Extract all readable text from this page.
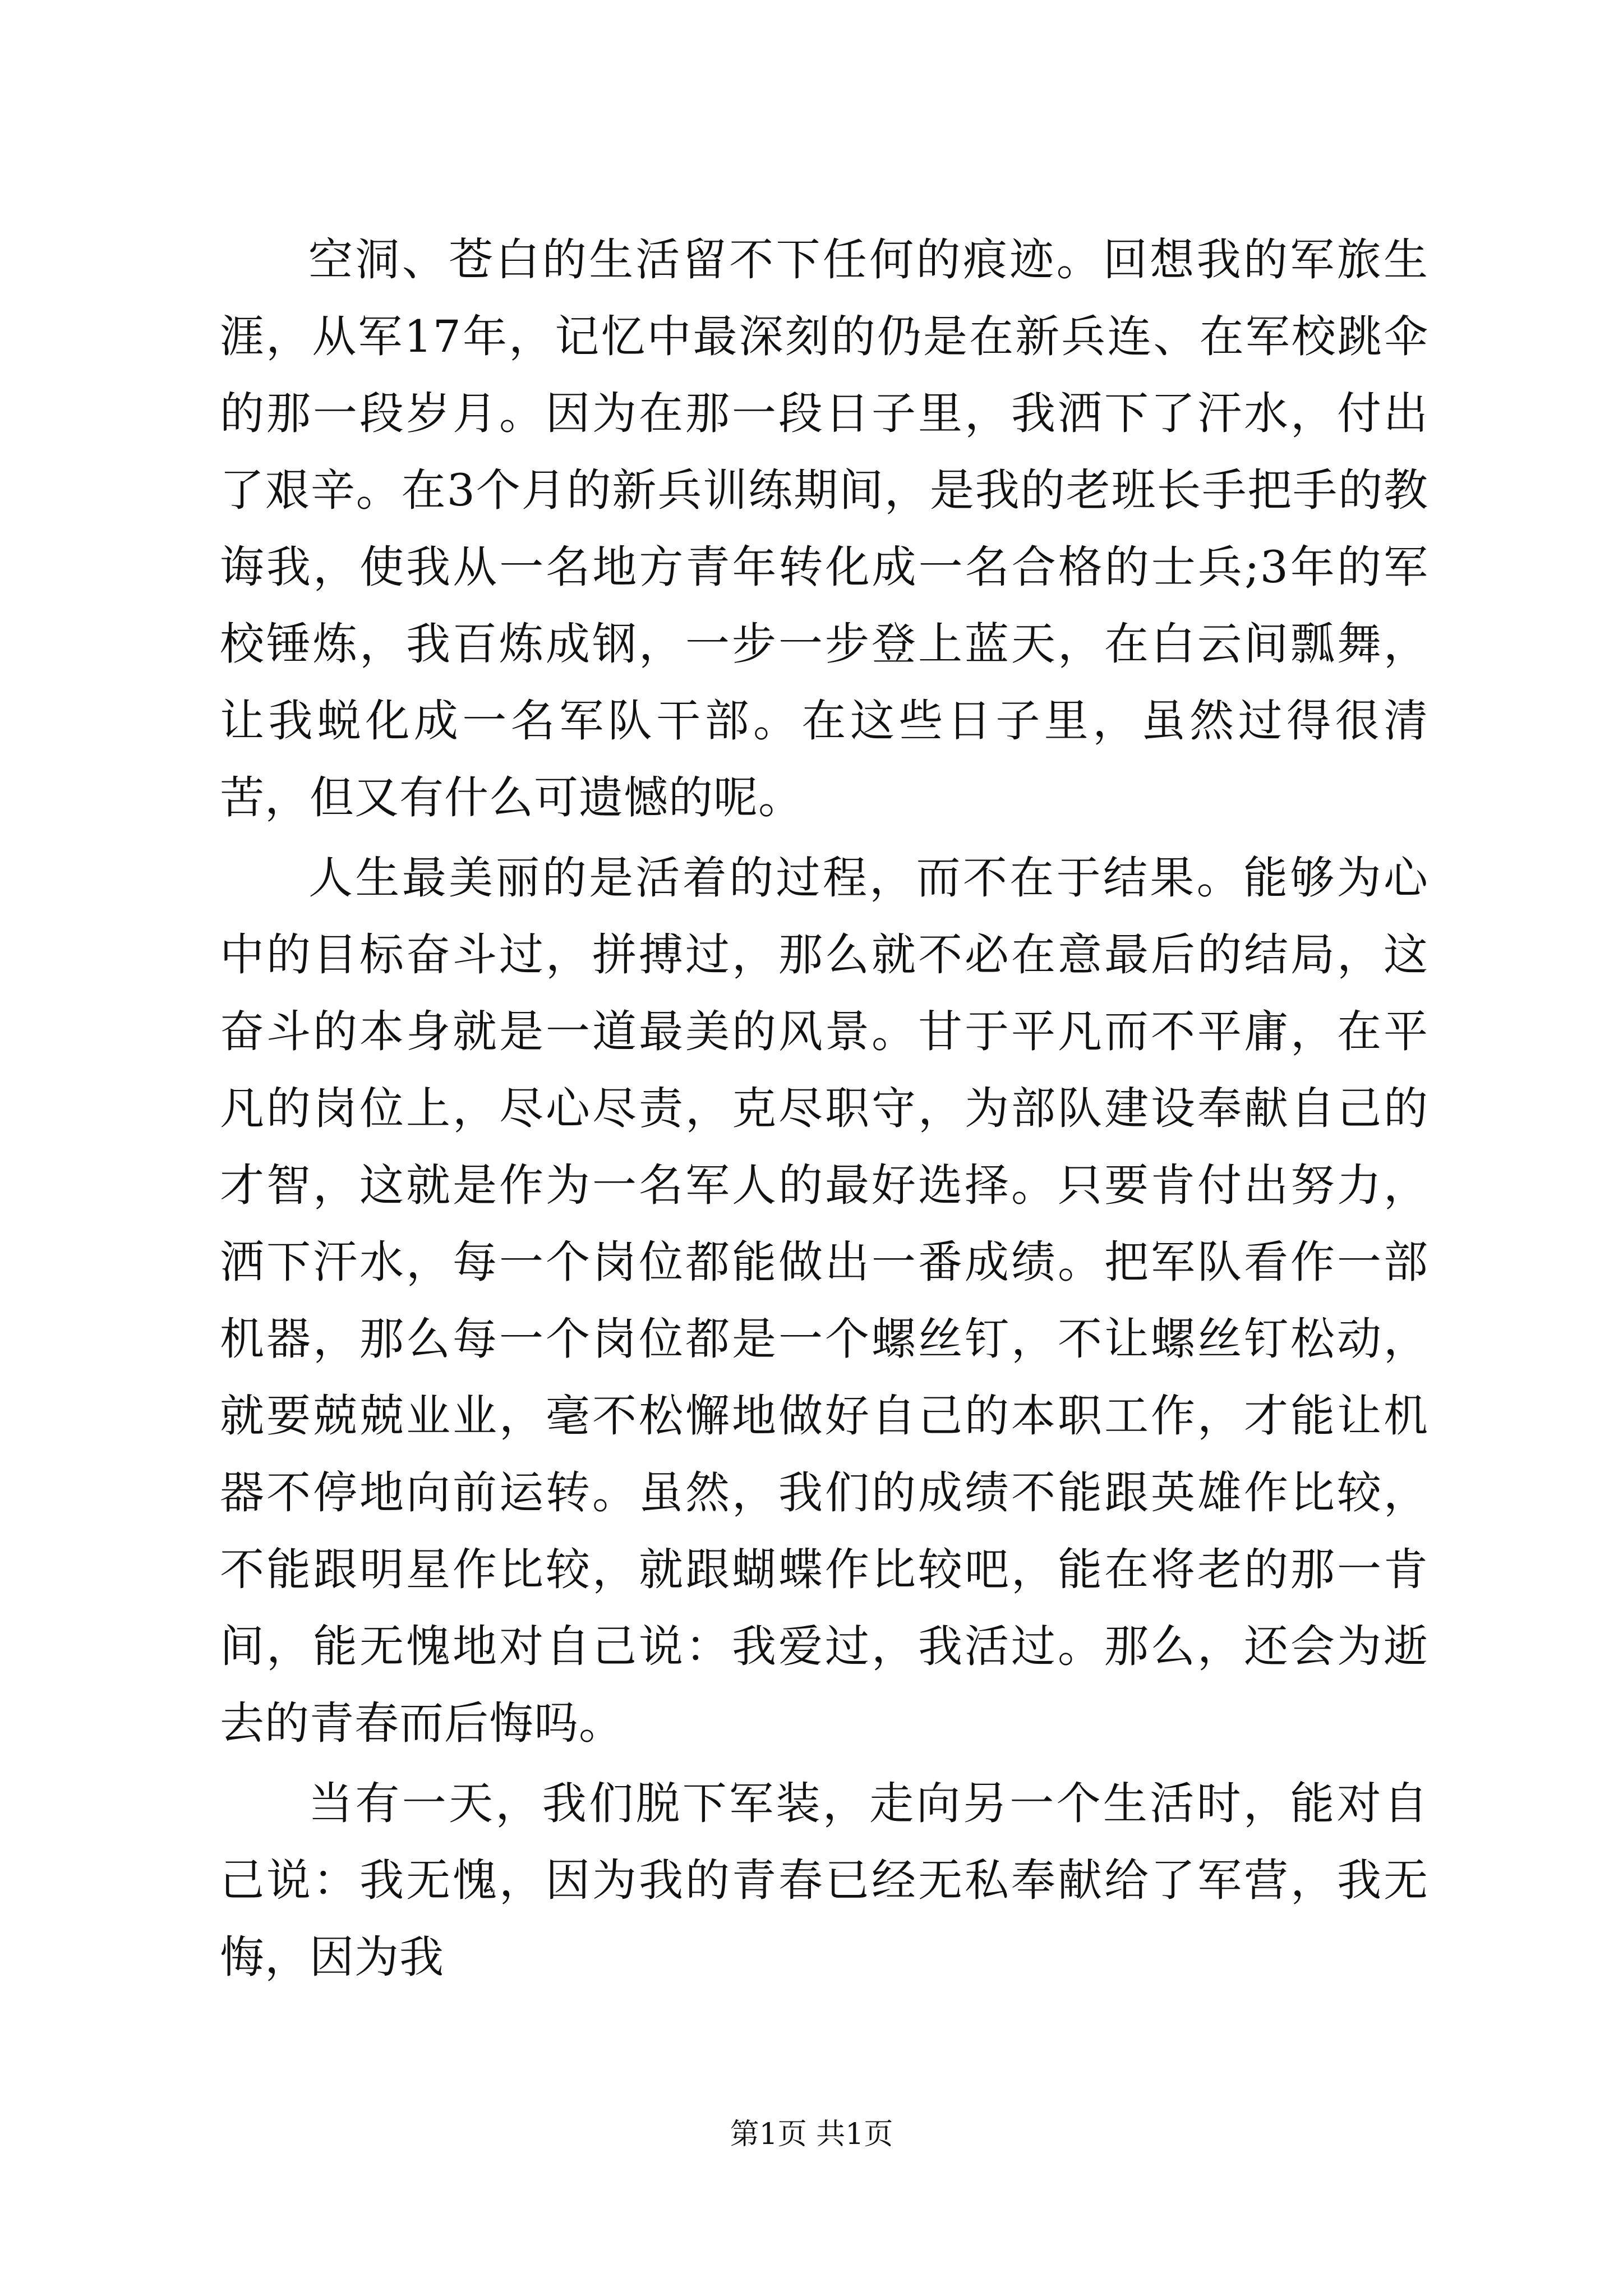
空洞、苍白的生活留不下任何的痕迹。回想我的军旅生涯，从军17年，记忆中最深刻的仍是在新兵连、在军校跳伞的那一段岁月。因为在那一段日子里，我洒下了汗水，付出了艰辛。在3个月的新兵训练期间，是我的老班长手把手的教诲我，使我从一名地方青年转化成一名合格的士兵;3年的军校锤炼，我百炼成钢，一步一步登上蓝天，在白云间瓢舞，让我蜕化成一名军队干部。在这些日子里，虽然过得很清苦，但又有什么可遗憾的呢。

人生最美丽的是活着的过程，而不在于结果。能够为心中的目标奋斗过，拼搏过，那么就不必在意最后的结局，这奋斗的本身就是一道最美的风景。甘于平凡而不平庸，在平凡的岗位上，尽心尽责，克尽职守，为部队建设奉献自己的才智，这就是作为一名军人的最好选择。只要肯付出努力，洒下汗水，每一个岗位都能做出一番成绩。把军队看作一部机器，那么每一个岗位都是一个螺丝钉，不让螺丝钉松动，就要兢兢业业，毫不松懈地做好自己的本职工作，才能让机器不停地向前运转。虽然，我们的成绩不能跟英雄作比较，不能跟明星作比较，就跟蝴蝶作比较吧，能在将老的那一肯间，能无愧地对自己说：我爱过，我活过。那么，还会为逝去的青春而后悔吗。

当有一天，我们脱下军装，走向另一个生活时，能对自己说：我无愧，因为我的青春已经无私奉献给了军营，我无悔，因为我

第1页 共1页
